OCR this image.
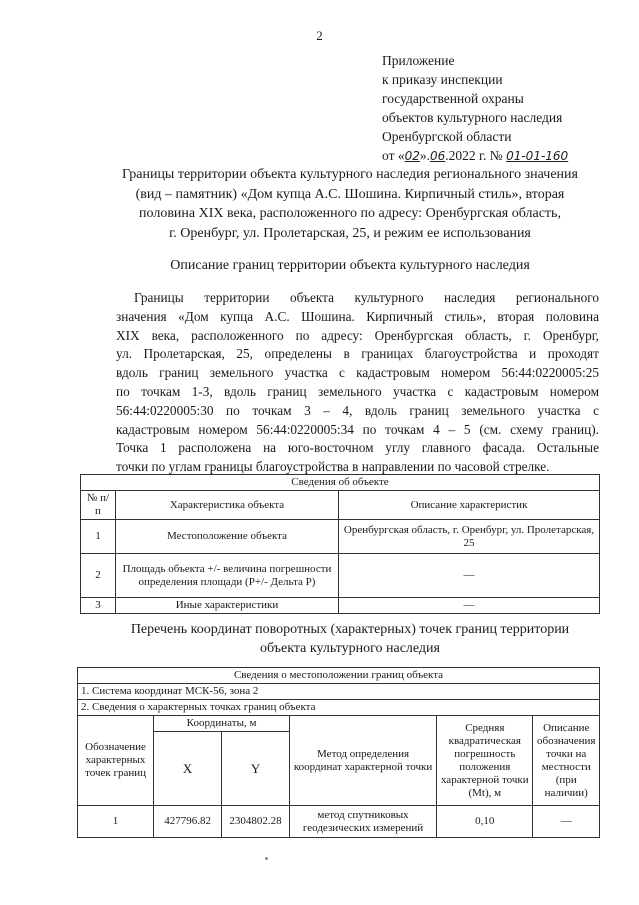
2
Приложение
к приказу инспекции
государственной охраны
объектов культурного наследия
Оренбургской области
от «02».06.2022 г. № 01-01-160
Границы территории объекта культурного наследия регионального значения
(вид – памятник) «Дом купца А.С. Шошина. Кирпичный стиль», вторая
половина XIX века, расположенного по адресу: Оренбургская область,
г. Оренбург, ул. Пролетарская, 25, и режим ее использования
Описание границ территории объекта культурного наследия
Границы территории объекта культурного наследия регионального
значения «Дом купца А.С. Шошина. Кирпичный стиль», вторая половина
XIX века, расположенного по адресу: Оренбургская область, г. Оренбург,
ул. Пролетарская, 25, определены в границах благоустройства и проходят
вдоль границ земельного участка с кадастровым номером 56:44:0220005:25
по точкам 1-3, вдоль границ земельного участка с кадастровым номером
56:44:0220005:30 по точкам 3 – 4, вдоль границ земельного участка с
кадастровым номером 56:44:0220005:34 по точкам 4 – 5 (см. схему границ).
Точка 1 расположена на юго-восточном углу главного фасада. Остальные
точки по углам границы благоустройства в направлении по часовой стрелке.
Сведения об объекте		
№ п/п	Характеристика объекта	Описание характеристик
1	Местоположение объекта	Оренбургская область, г. Оренбург, ул. Пролетарская, 25
2	Площадь объекта +/- величина погрешности определения площади (Р+/- Дельта Р)	—
3	Иные характеристики	—
Перечень координат поворотных (характерных) точек границ территории
объекта культурного наследия
Сведения о местоположении границ объекта					
1. Система координат МСК-56, зона 2					
2. Сведения о характерных точках границ объекта					
Обозначение характерных точек границ	Координаты, м		Метод определения координат характерной точки	Средняя квадратическая погрешность положения характерной точки (Mt), м	Описание обозначения точки на местности (при наличии)
	X	Y			
1	427796.82	2304802.28	метод спутниковых геодезических измерений	0,10	—
